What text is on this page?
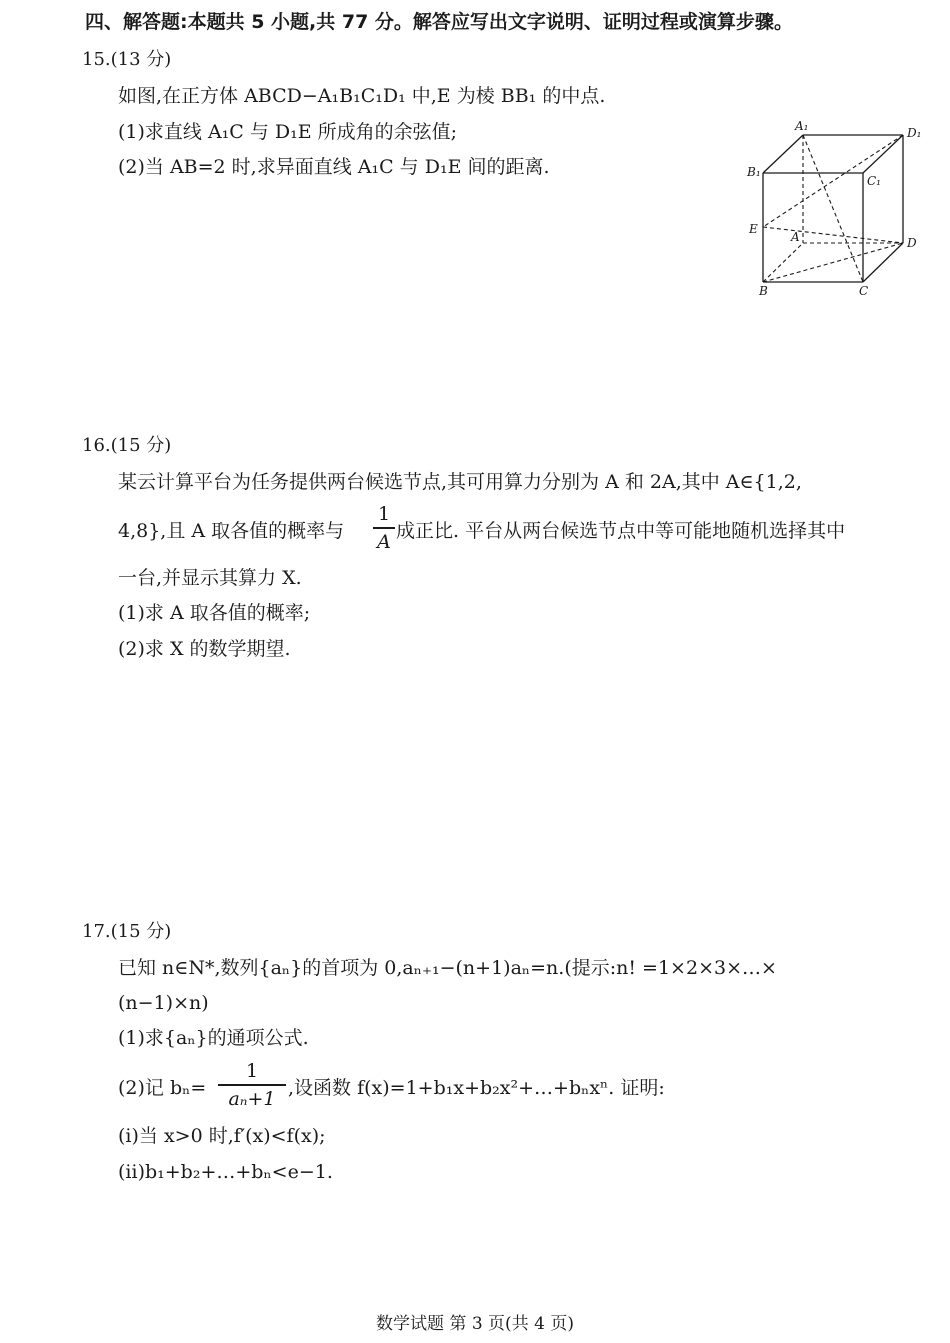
四、解答题:本题共 5 小题,共 77 分。解答应写出文字说明、证明过程或演算步骤。
15.(13 分)
如图,在正方体 ABCD−A₁B₁C₁D₁ 中,E 为棱 BB₁ 的中点.
(1)求直线 A₁C 与 D₁E 所成角的余弦值;
(2)当 AB=2 时,求异面直线 A₁C 与 D₁E 间的距离.
A₁	D₁
B₁
C₁
E
A	D
B	C
16.(15 分)
某云计算平台为任务提供两台候选节点,其可用算力分别为 A 和 2A,其中 A∈{1,2,
4,8},且 A 取各值的概率与
1
A 成正比. 平台从两台候选节点中等可能地随机选择其中
一台,并显示其算力 X.
(1)求 A 取各值的概率;
(2)求 X 的数学期望.
17.(15 分)
已知 n∈N*,数列{aₙ}的首项为 0,aₙ₊₁−(n+1)aₙ=n.(提示:n! =1×2×3×…×
(n−1)×n)
(1)求{aₙ}的通项公式.
(2)记 bₙ=
1
aₙ+1 ,设函数 f(x)=1+b₁x+b₂x²+…+bₙxⁿ. 证明:
(ⅰ)当 x>0 时,f′(x)<f(x);
(ⅱ)b₁+b₂+…+bₙ<e−1.
数学试题 第 3 页(共 4 页)
